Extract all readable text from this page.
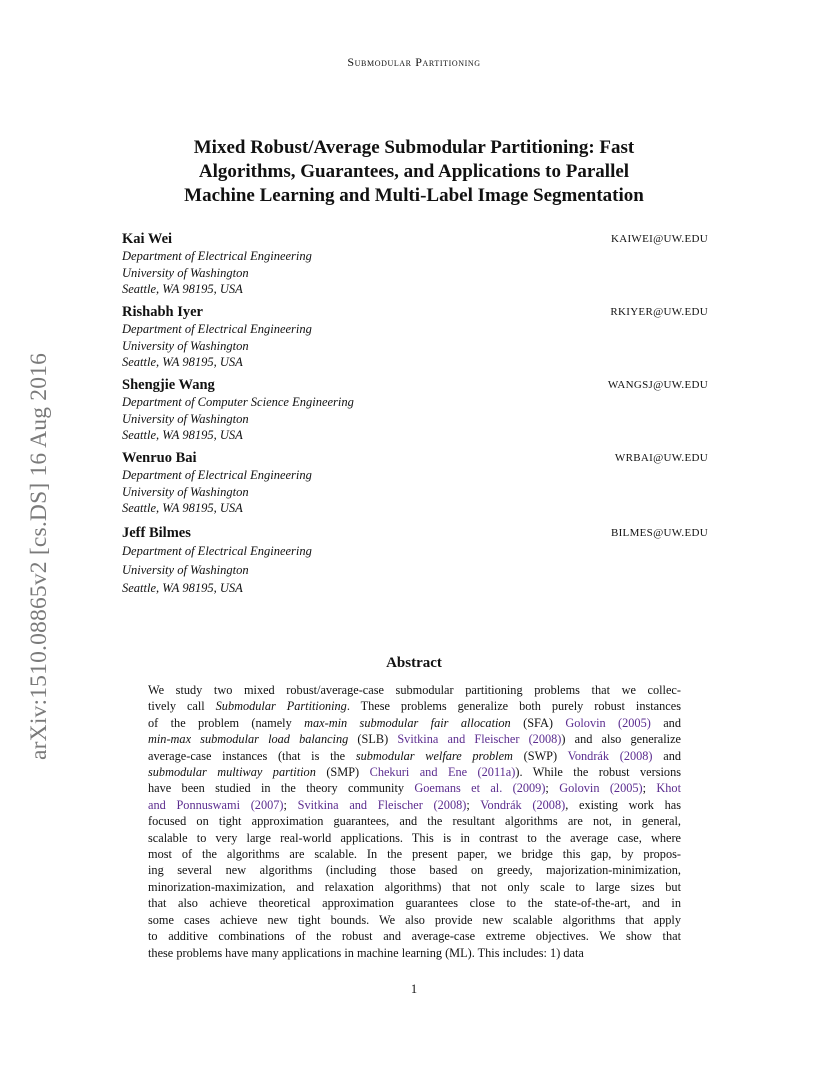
Submodular Partitioning
Mixed Robust/Average Submodular Partitioning: Fast
Algorithms, Guarantees, and Applications to Parallel
Machine Learning and Multi-Label Image Segmentation
Kai Wei	KAIWEI@UW.EDU
Department of Electrical Engineering
University of Washington
Seattle, WA 98195, USA
Rishabh Iyer	RKIYER@UW.EDU
Department of Electrical Engineering
University of Washington
Seattle, WA 98195, USA
Shengjie Wang	WANGSJ@UW.EDU
Department of Computer Science Engineering
University of Washington
Seattle, WA 98195, USA
Wenruo Bai	WRBAI@UW.EDU
Department of Electrical Engineering
University of Washington
Seattle, WA 98195, USA
Jeff Bilmes	BILMES@UW.EDU
Department of Electrical Engineering
University of Washington
Seattle, WA 98195, USA
arXiv:1510.08865v2 [cs.DS] 16 Aug 2016	Abstract
We study two mixed robust/average-case submodular partitioning problems that we collec-
tively call Submodular Partitioning. These problems generalize both purely robust instances
of the problem (namely max-min submodular fair allocation (SFA) Golovin (2005) and
min-max submodular load balancing (SLB) Svitkina and Fleischer (2008)) and also generalize
average-case instances (that is the submodular welfare problem (SWP) Vondrák (2008) and
submodular multiway partition (SMP) Chekuri and Ene (2011a)). While the robust versions
have been studied in the theory community Goemans et al. (2009); Golovin (2005); Khot
and Ponnuswami (2007); Svitkina and Fleischer (2008); Vondrák (2008), existing work has
focused on tight approximation guarantees, and the resultant algorithms are not, in general,
scalable to very large real-world applications. This is in contrast to the average case, where
most of the algorithms are scalable. In the present paper, we bridge this gap, by propos-
ing several new algorithms (including those based on greedy, majorization-minimization,
minorization-maximization, and relaxation algorithms) that not only scale to large sizes but
that also achieve theoretical approximation guarantees close to the state-of-the-art, and in
some cases achieve new tight bounds. We also provide new scalable algorithms that apply
to additive combinations of the robust and average-case extreme objectives. We show that
these problems have many applications in machine learning (ML). This includes: 1) data
1
